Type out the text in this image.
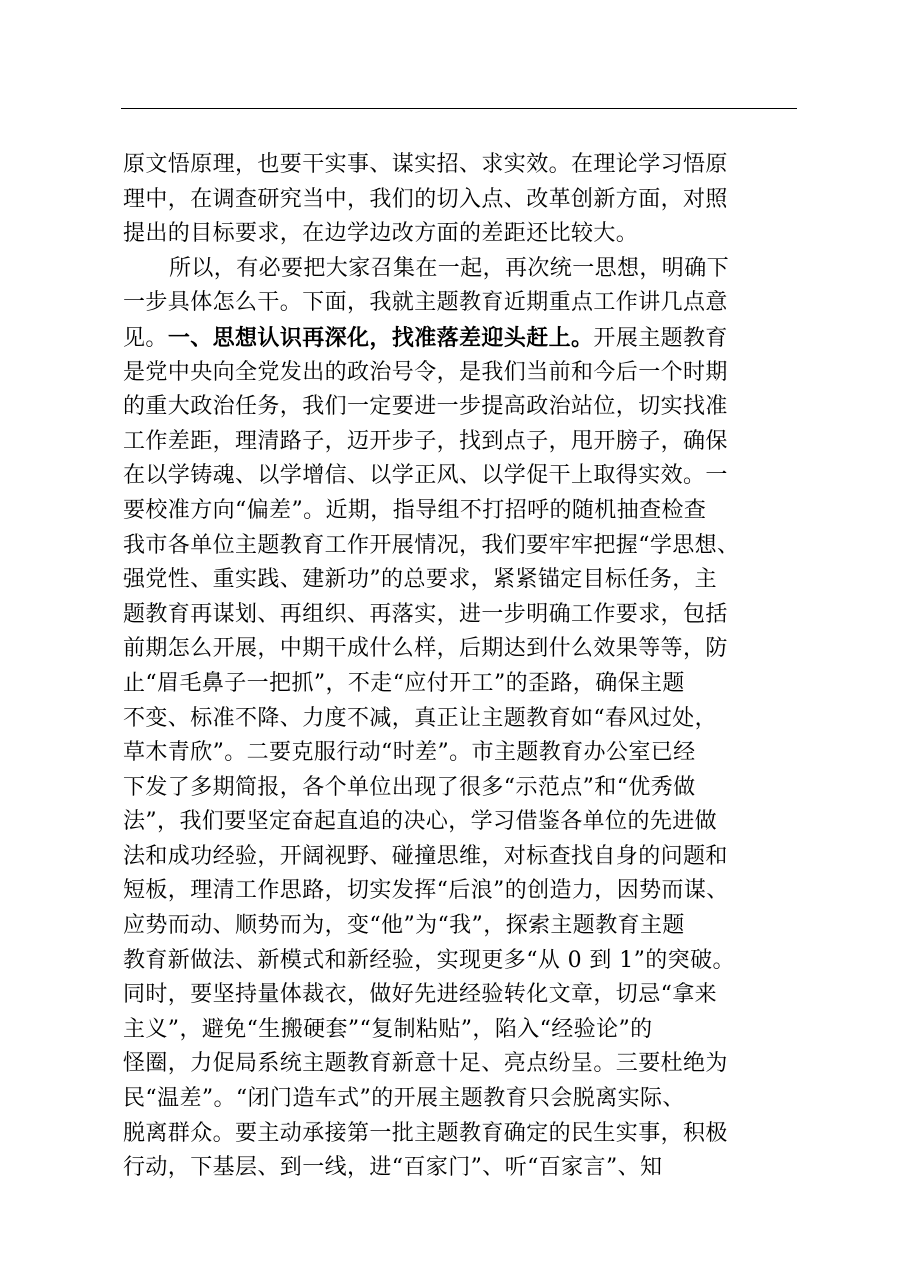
原文悟原理，也要干实事、谋实招、求实效。在理论学习悟原
理中，在调查研究当中，我们的切入点、改革创新方面，对照
提出的目标要求，在边学边改方面的差距还比较大。
所以，有必要把大家召集在一起，再次统一思想，明确下
一步具体怎么干。下面，我就主题教育近期重点工作讲几点意
见。一、思想认识再深化，找准落差迎头赶上。开展主题教育
是党中央向全党发出的政治号令，是我们当前和今后一个时期
的重大政治任务，我们一定要进一步提高政治站位，切实找准
工作差距，理清路子，迈开步子，找到点子，甩开膀子，确保
在以学铸魂、以学增信、以学正风、以学促干上取得实效。一
要校准方向“偏差”。近期，指导组不打招呼的随机抽查检查
我市各单位主题教育工作开展情况，我们要牢牢把握“学思想、
强党性、重实践、建新功”的总要求，紧紧锚定目标任务，主
题教育再谋划、再组织、再落实，进一步明确工作要求，包括
前期怎么开展，中期干成什么样，后期达到什么效果等等，防
止“眉毛鼻子一把抓”，不走“应付开工”的歪路，确保主题
不变、标准不降、力度不减，真正让主题教育如“春风过处，
草木青欣”。二要克服行动“时差”。市主题教育办公室已经
下发了多期简报，各个单位出现了很多“示范点”和“优秀做
法”，我们要坚定奋起直追的决心，学习借鉴各单位的先进做
法和成功经验，开阔视野、碰撞思维，对标查找自身的问题和
短板，理清工作思路，切实发挥“后浪”的创造力，因势而谋、
应势而动、顺势而为，变“他”为“我”，探索主题教育主题
教育新做法、新模式和新经验，实现更多“从 0 到 1”的突破。
同时，要坚持量体裁衣，做好先进经验转化文章，切忌“拿来
主义”，避免“生搬硬套”“复制粘贴”，陷入“经验论”的
怪圈，力促局系统主题教育新意十足、亮点纷呈。三要杜绝为
民“温差”。“闭门造车式”的开展主题教育只会脱离实际、
脱离群众。要主动承接第一批主题教育确定的民生实事，积极
行动，下基层、到一线，进“百家门”、听“百家言”、知
